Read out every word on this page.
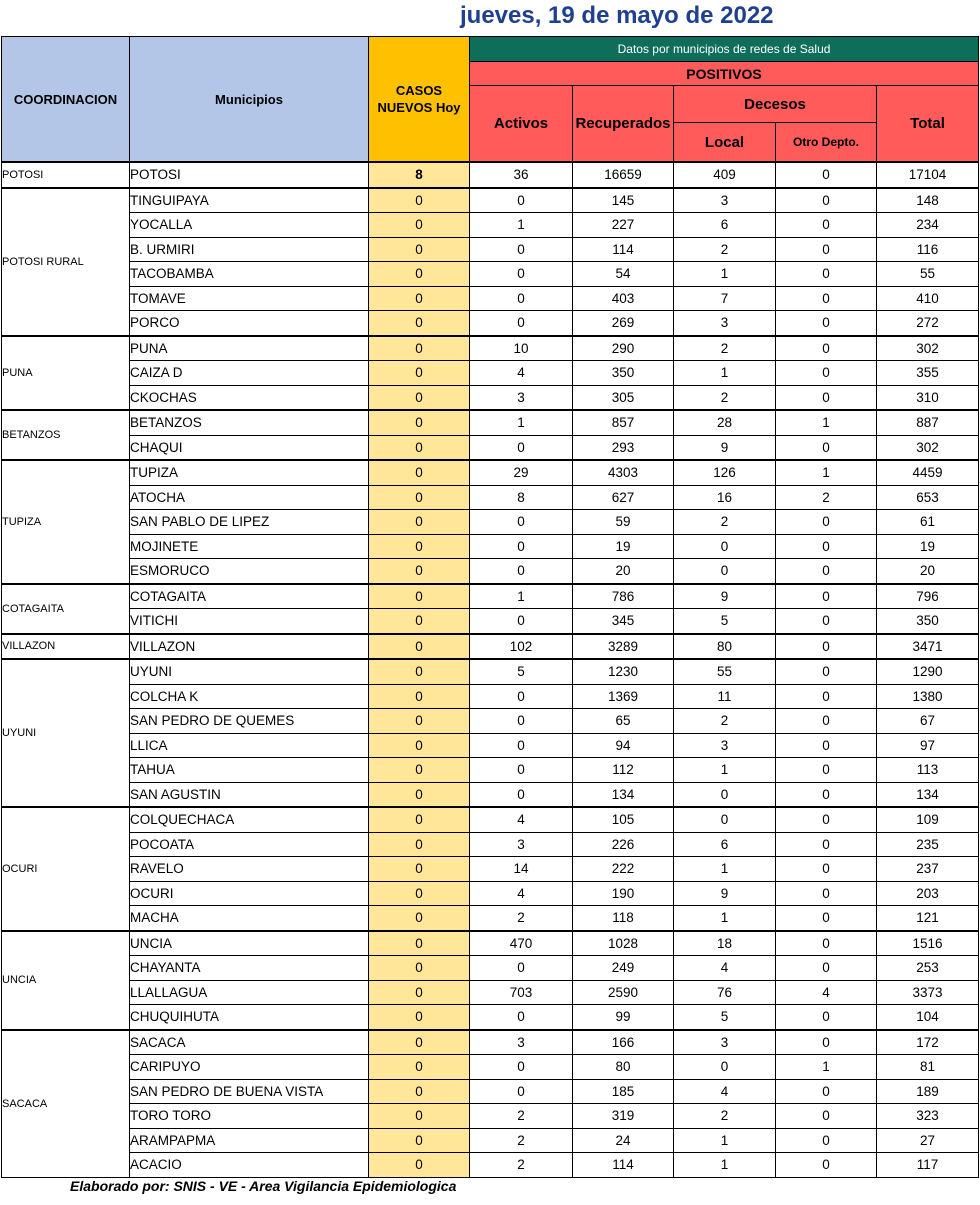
jueves, 19 de mayo de 2022
COORDINACION	Municipios	CASOS
NUEVOS Hoy	Datos por municipios de redes de Salud				
			POSITIVOS				
			Activos	Recuperados	Decesos		Total
					Local	Otro Depto.	
POTOSI	POTOSI	8	36	16659	409	0	17104
POTOSI RURAL	TINGUIPAYA	0	0	145	3	0	148
	YOCALLA	0	1	227	6	0	234
	B. URMIRI	0	0	114	2	0	116
	TACOBAMBA	0	0	54	1	0	55
	TOMAVE	0	0	403	7	0	410
	PORCO	0	0	269	3	0	272
PUNA	PUNA	0	10	290	2	0	302
	CAIZA D	0	4	350	1	0	355
	CKOCHAS	0	3	305	2	0	310
BETANZOS	BETANZOS	0	1	857	28	1	887
	CHAQUI	0	0	293	9	0	302
TUPIZA	TUPIZA	0	29	4303	126	1	4459
	ATOCHA	0	8	627	16	2	653
	SAN PABLO DE LIPEZ	0	0	59	2	0	61
	MOJINETE	0	0	19	0	0	19
	ESMORUCO	0	0	20	0	0	20
COTAGAITA	COTAGAITA	0	1	786	9	0	796
	VITICHI	0	0	345	5	0	350
VILLAZON	VILLAZON	0	102	3289	80	0	3471
UYUNI	UYUNI	0	5	1230	55	0	1290
	COLCHA K	0	0	1369	11	0	1380
	SAN PEDRO DE QUEMES	0	0	65	2	0	67
	LLICA	0	0	94	3	0	97
	TAHUA	0	0	112	1	0	113
	SAN AGUSTIN	0	0	134	0	0	134
OCURI	COLQUECHACA	0	4	105	0	0	109
	POCOATA	0	3	226	6	0	235
	RAVELO	0	14	222	1	0	237
	OCURI	0	4	190	9	0	203
	MACHA	0	2	118	1	0	121
UNCIA	UNCIA	0	470	1028	18	0	1516
	CHAYANTA	0	0	249	4	0	253
	LLALLAGUA	0	703	2590	76	4	3373
	CHUQUIHUTA	0	0	99	5	0	104
SACACA	SACACA	0	3	166	3	0	172
	CARIPUYO	0	0	80	0	1	81
	SAN PEDRO DE BUENA VISTA	0	0	185	4	0	189
	TORO TORO	0	2	319	2	0	323
	ARAMPAPMA	0	2	24	1	0	27
	ACACIO	0	2	114	1	0	117
Elaborado por: SNIS - VE - Area Vigilancia Epidemiologica
